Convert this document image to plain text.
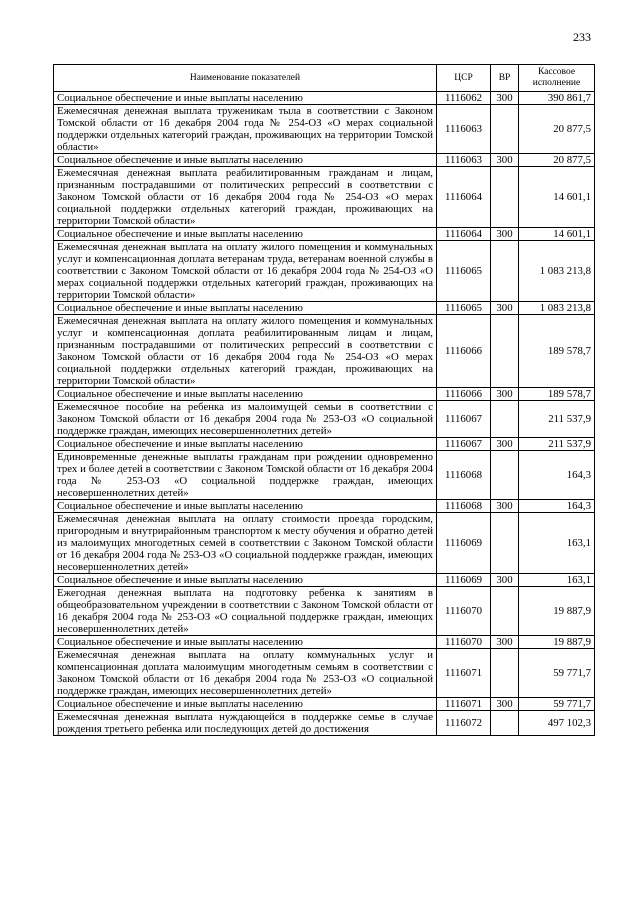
233
Наименование показателей	ЦСР	ВР	Кассовое исполнение
Социальное обеспечение и иные выплаты населению	1116062	300	390 861,7
Ежемесячная денежная выплата труженикам тыла в соответствии с Законом Томской области от 16 декабря 2004 года № 254-ОЗ «О мерах социальной поддержки отдельных категорий граждан, проживающих на территории Томской области»	1116063		20 877,5
Социальное обеспечение и иные выплаты населению	1116063	300	20 877,5
Ежемесячная денежная выплата реабилитированным гражданам и лицам, признанным пострадавшими от политических репрессий в соответствии с Законом Томской области от 16 декабря 2004 года № 254-ОЗ «О мерах социальной поддержки отдельных категорий граждан, проживающих на территории Томской области»	1116064		14 601,1
Социальное обеспечение и иные выплаты населению	1116064	300	14 601,1
Ежемесячная денежная выплата на оплату жилого помещения и коммунальных услуг и компенсационная доплата ветеранам труда, ветеранам военной службы в соответствии с Законом Томской области от 16 декабря 2004 года № 254-ОЗ «О мерах социальной поддержки отдельных категорий граждан, проживающих на территории Томской области»	1116065		1 083 213,8
Социальное обеспечение и иные выплаты населению	1116065	300	1 083 213,8
Ежемесячная денежная выплата на оплату жилого помещения и коммунальных услуг и компенсационная доплата реабилитированным лицам и лицам, признанным пострадавшими от политических репрессий в соответствии с Законом Томской области от 16 декабря 2004 года № 254-ОЗ «О мерах социальной поддержки отдельных категорий граждан, проживающих на территории Томской области»	1116066		189 578,7
Социальное обеспечение и иные выплаты населению	1116066	300	189 578,7
Ежемесячное пособие на ребенка из малоимущей семьи в соответствии с Законом Томской области от 16 декабря 2004 года № 253-ОЗ «О социальной поддержке граждан, имеющих несовершеннолетних детей»	1116067		211 537,9
Социальное обеспечение и иные выплаты населению	1116067	300	211 537,9
Единовременные денежные выплаты гражданам при рождении одновременно трех и более детей в соответствии с Законом Томской области от 16 декабря 2004 года № 253-ОЗ «О социальной поддержке граждан, имеющих несовершеннолетних детей»	1116068		164,3
Социальное обеспечение и иные выплаты населению	1116068	300	164,3
Ежемесячная денежная выплата на оплату стоимости проезда городским, пригородным и внутрирайонным транспортом к месту обучения и обратно детей из малоимущих многодетных семей в соответствии с Законом Томской области от 16 декабря 2004 года № 253-ОЗ «О социальной поддержке граждан, имеющих несовершеннолетних детей»	1116069		163,1
Социальное обеспечение и иные выплаты населению	1116069	300	163,1
Ежегодная денежная выплата на подготовку ребенка к занятиям в общеобразовательном учреждении в соответствии с Законом Томской области от 16 декабря 2004 года № 253-ОЗ «О социальной поддержке граждан, имеющих несовершеннолетних детей»	1116070		19 887,9
Социальное обеспечение и иные выплаты населению	1116070	300	19 887,9
Ежемесячная денежная выплата на оплату коммунальных услуг и компенсационная доплата малоимущим многодетным семьям в соответствии с Законом Томской области от 16 декабря 2004 года № 253-ОЗ «О социальной поддержке граждан, имеющих несовершеннолетних детей»	1116071		59 771,7
Социальное обеспечение и иные выплаты населению	1116071	300	59 771,7
Ежемесячная денежная выплата нуждающейся в поддержке семье в случае рождения третьего ребенка или последующих детей до достижения	1116072		497 102,3
